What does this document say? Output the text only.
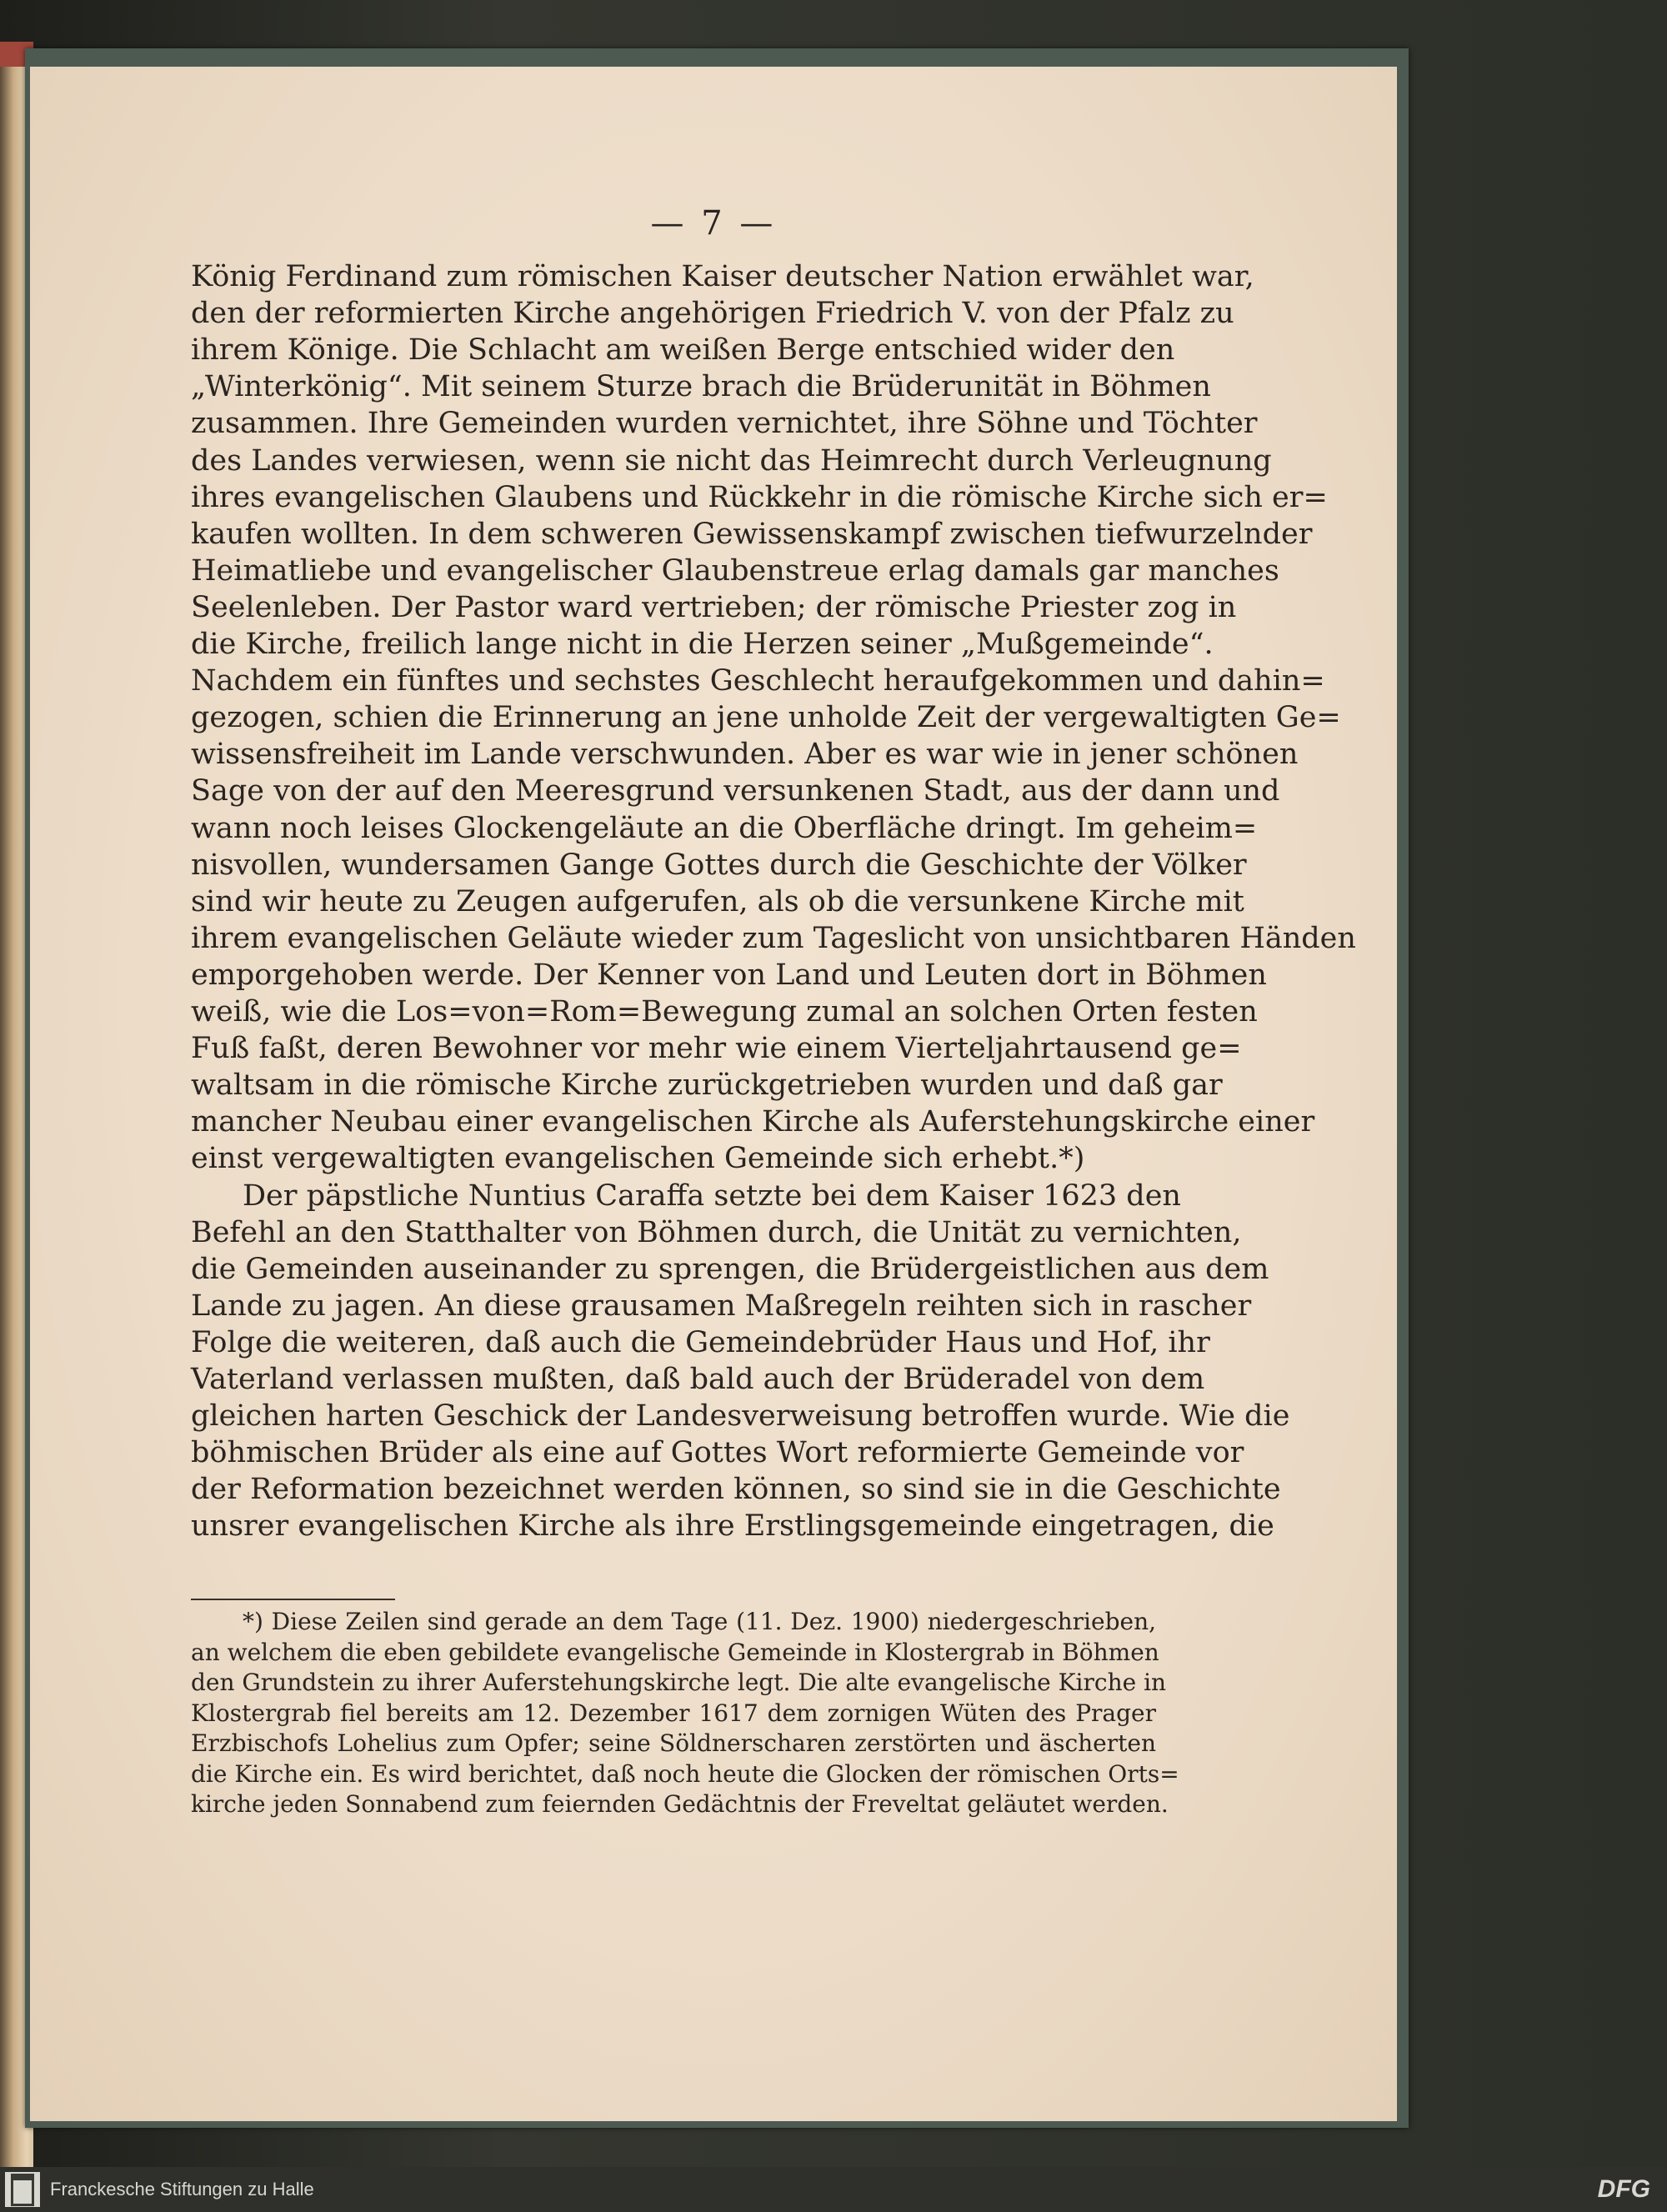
— 7 —
König Ferdinand zum römischen Kaiser deutscher Nation erwählet war,
den der reformierten Kirche angehörigen Friedrich V. von der Pfalz zu
ihrem Könige. Die Schlacht am weißen Berge entschied wider den
„Winterkönig“. Mit seinem Sturze brach die Brüderunität in Böhmen
zusammen. Ihre Gemeinden wurden vernichtet, ihre Söhne und Töchter
des Landes verwiesen, wenn sie nicht das Heimrecht durch Verleugnung
ihres evangelischen Glaubens und Rückkehr in die römische Kirche sich er=
kaufen wollten. In dem schweren Gewissenskampf zwischen tiefwurzelnder
Heimatliebe und evangelischer Glaubenstreue erlag damals gar manches
Seelenleben. Der Pastor ward vertrieben; der römische Priester zog in
die Kirche, freilich lange nicht in die Herzen seiner „Mußgemeinde“.
Nachdem ein fünftes und sechstes Geschlecht heraufgekommen und dahin=
gezogen, schien die Erinnerung an jene unholde Zeit der vergewaltigten Ge=
wissensfreiheit im Lande verschwunden. Aber es war wie in jener schönen
Sage von der auf den Meeresgrund versunkenen Stadt, aus der dann und
wann noch leises Glockengeläute an die Oberfläche dringt. Im geheim=
nisvollen, wundersamen Gange Gottes durch die Geschichte der Völker
sind wir heute zu Zeugen aufgerufen, als ob die versunkene Kirche mit
ihrem evangelischen Geläute wieder zum Tageslicht von unsichtbaren Händen
emporgehoben werde. Der Kenner von Land und Leuten dort in Böhmen
weiß, wie die Los=von=Rom=Bewegung zumal an solchen Orten festen
Fuß faßt, deren Bewohner vor mehr wie einem Vierteljahrtausend ge=
waltsam in die römische Kirche zurückgetrieben wurden und daß gar
mancher Neubau einer evangelischen Kirche als Auferstehungskirche einer
einst vergewaltigten evangelischen Gemeinde sich erhebt.*)
Der päpstliche Nuntius Caraffa setzte bei dem Kaiser 1623 den
Befehl an den Statthalter von Böhmen durch, die Unität zu vernichten,
die Gemeinden auseinander zu sprengen, die Brüdergeistlichen aus dem
Lande zu jagen. An diese grausamen Maßregeln reihten sich in rascher
Folge die weiteren, daß auch die Gemeindebrüder Haus und Hof, ihr
Vaterland verlassen mußten, daß bald auch der Brüderadel von dem
gleichen harten Geschick der Landesverweisung betroffen wurde. Wie die
böhmischen Brüder als eine auf Gottes Wort reformierte Gemeinde vor
der Reformation bezeichnet werden können, so sind sie in die Geschichte
unsrer evangelischen Kirche als ihre Erstlingsgemeinde eingetragen, die
*) Diese Zeilen sind gerade an dem Tage (11. Dez. 1900) niedergeschrieben,
an welchem die eben gebildete evangelische Gemeinde in Klostergrab in Böhmen
den Grundstein zu ihrer Auferstehungskirche legt. Die alte evangelische Kirche in
Klostergrab fiel bereits am 12. Dezember 1617 dem zornigen Wüten des Prager
Erzbischofs Lohelius zum Opfer; seine Söldnerscharen zerstörten und äscherten
die Kirche ein. Es wird berichtet, daß noch heute die Glocken der römischen Orts=
kirche jeden Sonnabend zum feiernden Gedächtnis der Freveltat geläutet werden.
Franckesche Stiftungen zu Halle	DFG
